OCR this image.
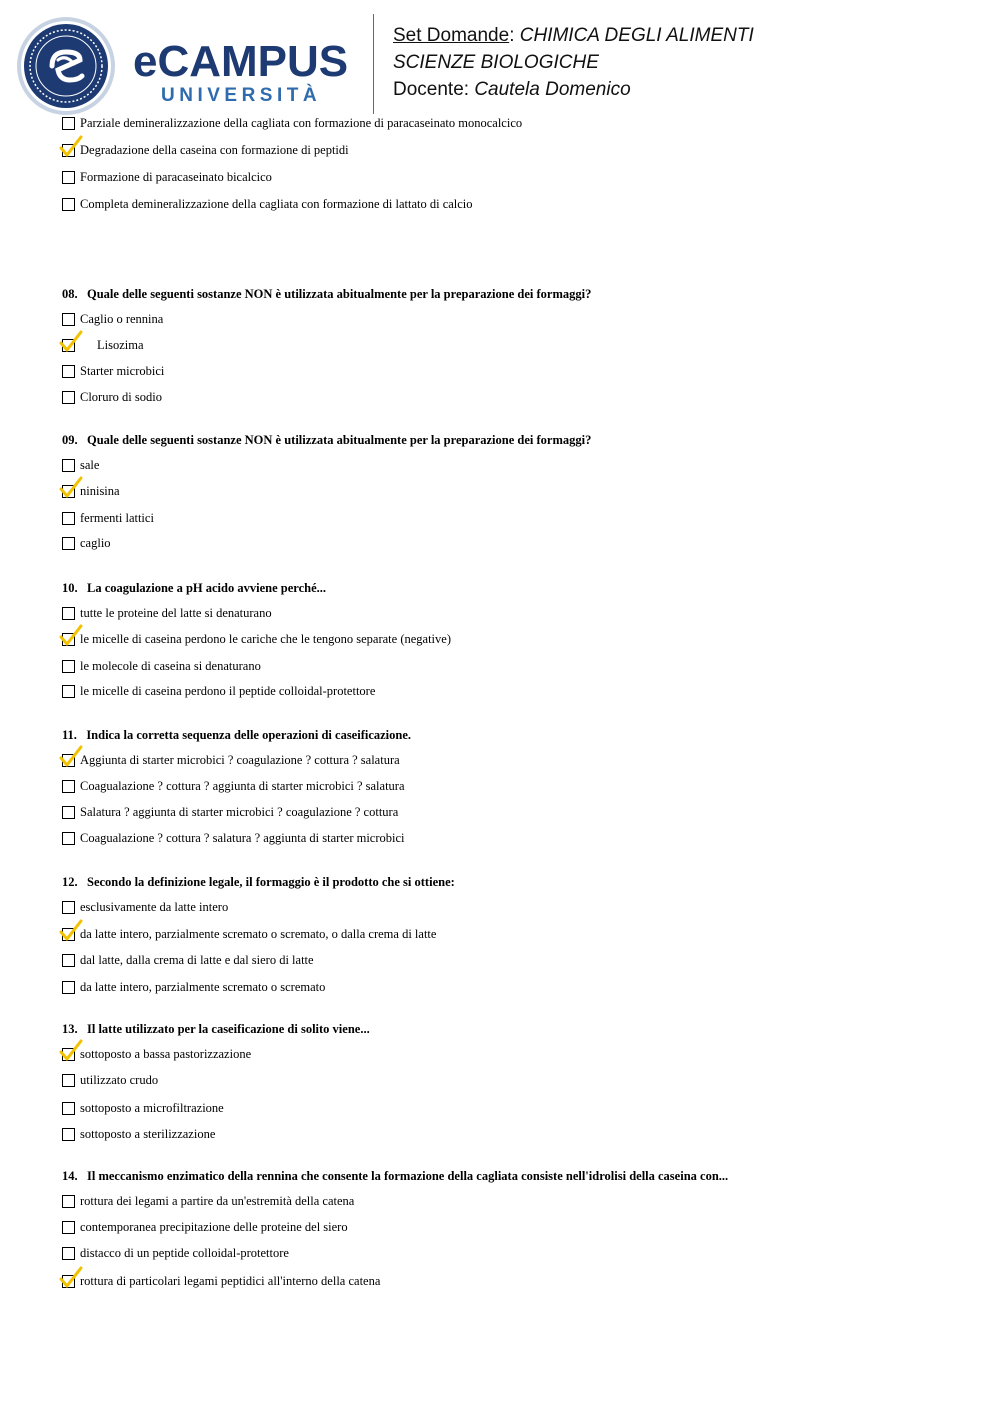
eCAMPUS
UNIVERSITÀ
Set Domande: CHIMICA DEGLI ALIMENTI
SCIENZE BIOLOGICHE
Docente: Cautela Domenico
Parziale demineralizzazione della cagliata con formazione di paracaseinato monocalcico
Degradazione della caseina con formazione di peptidi
Formazione di paracaseinato bicalcico
Completa demineralizzazione della cagliata con formazione di lattato di calcio
08. Quale delle seguenti sostanze NON è utilizzata abitualmente per la preparazione dei formaggi?
Caglio o rennina
Lisozima
Starter microbici
Cloruro di sodio
09. Quale delle seguenti sostanze NON è utilizzata abitualmente per la preparazione dei formaggi?
sale
ninisina
fermenti lattici
caglio
10. La coagulazione a pH acido avviene perché...
tutte le proteine del latte si denaturano
le micelle di caseina perdono le cariche che le tengono separate (negative)
le molecole di caseina si denaturano
le micelle di caseina perdono il peptide colloidal-protettore
11. Indica la corretta sequenza delle operazioni di caseificazione.
Aggiunta di starter microbici ? coagulazione ? cottura ? salatura
Coagualazione ? cottura ? aggiunta di starter microbici ? salatura
Salatura ? aggiunta di starter microbici ? coagulazione ? cottura
Coagualazione ? cottura ? salatura ? aggiunta di starter microbici
12. Secondo la definizione legale, il formaggio è il prodotto che si ottiene:
esclusivamente da latte intero
da latte intero, parzialmente scremato o scremato, o dalla crema di latte
dal latte, dalla crema di latte e dal siero di latte
da latte intero, parzialmente scremato o scremato
13. Il latte utilizzato per la caseificazione di solito viene...
sottoposto a bassa pastorizzazione
utilizzato crudo
sottoposto a microfiltrazione
sottoposto a sterilizzazione
14. Il meccanismo enzimatico della rennina che consente la formazione della cagliata consiste nell'idrolisi della caseina con...
rottura dei legami a partire da un'estremità della catena
contemporanea precipitazione delle proteine del siero
distacco di un peptide colloidal-protettore
rottura di particolari legami peptidici all'interno della catena
